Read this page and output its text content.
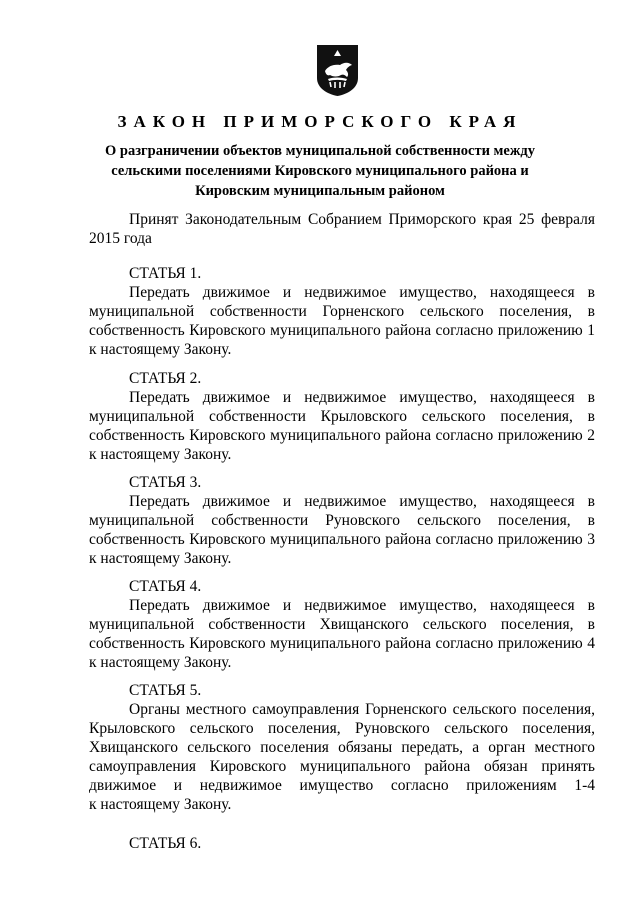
ЗАКОН ПРИМОРСКОГО КРАЯ
О разграничении объектов муниципальной собственности между
сельскими поселениями Кировского муниципального района и
Кировским муниципальным районом
Принят Законодательным Собранием Приморского края 25 февраля
2015 года
СТАТЬЯ 1.
Передать движимое и недвижимое имущество, находящееся в
муниципальной собственности Горненского сельского поселения, в
собственность Кировского муниципального района согласно приложению 1
к настоящему Закону.
СТАТЬЯ 2.
Передать движимое и недвижимое имущество, находящееся в
муниципальной собственности Крыловского сельского поселения, в
собственность Кировского муниципального района согласно приложению 2
к настоящему Закону.
СТАТЬЯ 3.
Передать движимое и недвижимое имущество, находящееся в
муниципальной собственности Руновского сельского поселения, в
собственность Кировского муниципального района согласно приложению 3
к настоящему Закону.
СТАТЬЯ 4.
Передать движимое и недвижимое имущество, находящееся в
муниципальной собственности Хвищанского сельского поселения, в
собственность Кировского муниципального района согласно приложению 4
к настоящему Закону.
СТАТЬЯ 5.
Органы местного самоуправления Горненского сельского поселения,
Крыловского сельского поселения, Руновского сельского поселения,
Хвищанского сельского поселения обязаны передать, а орган местного
самоуправления Кировского муниципального района обязан принять
движимое и недвижимое имущество согласно приложениям 1-4
к настоящему Закону.
СТАТЬЯ 6.
